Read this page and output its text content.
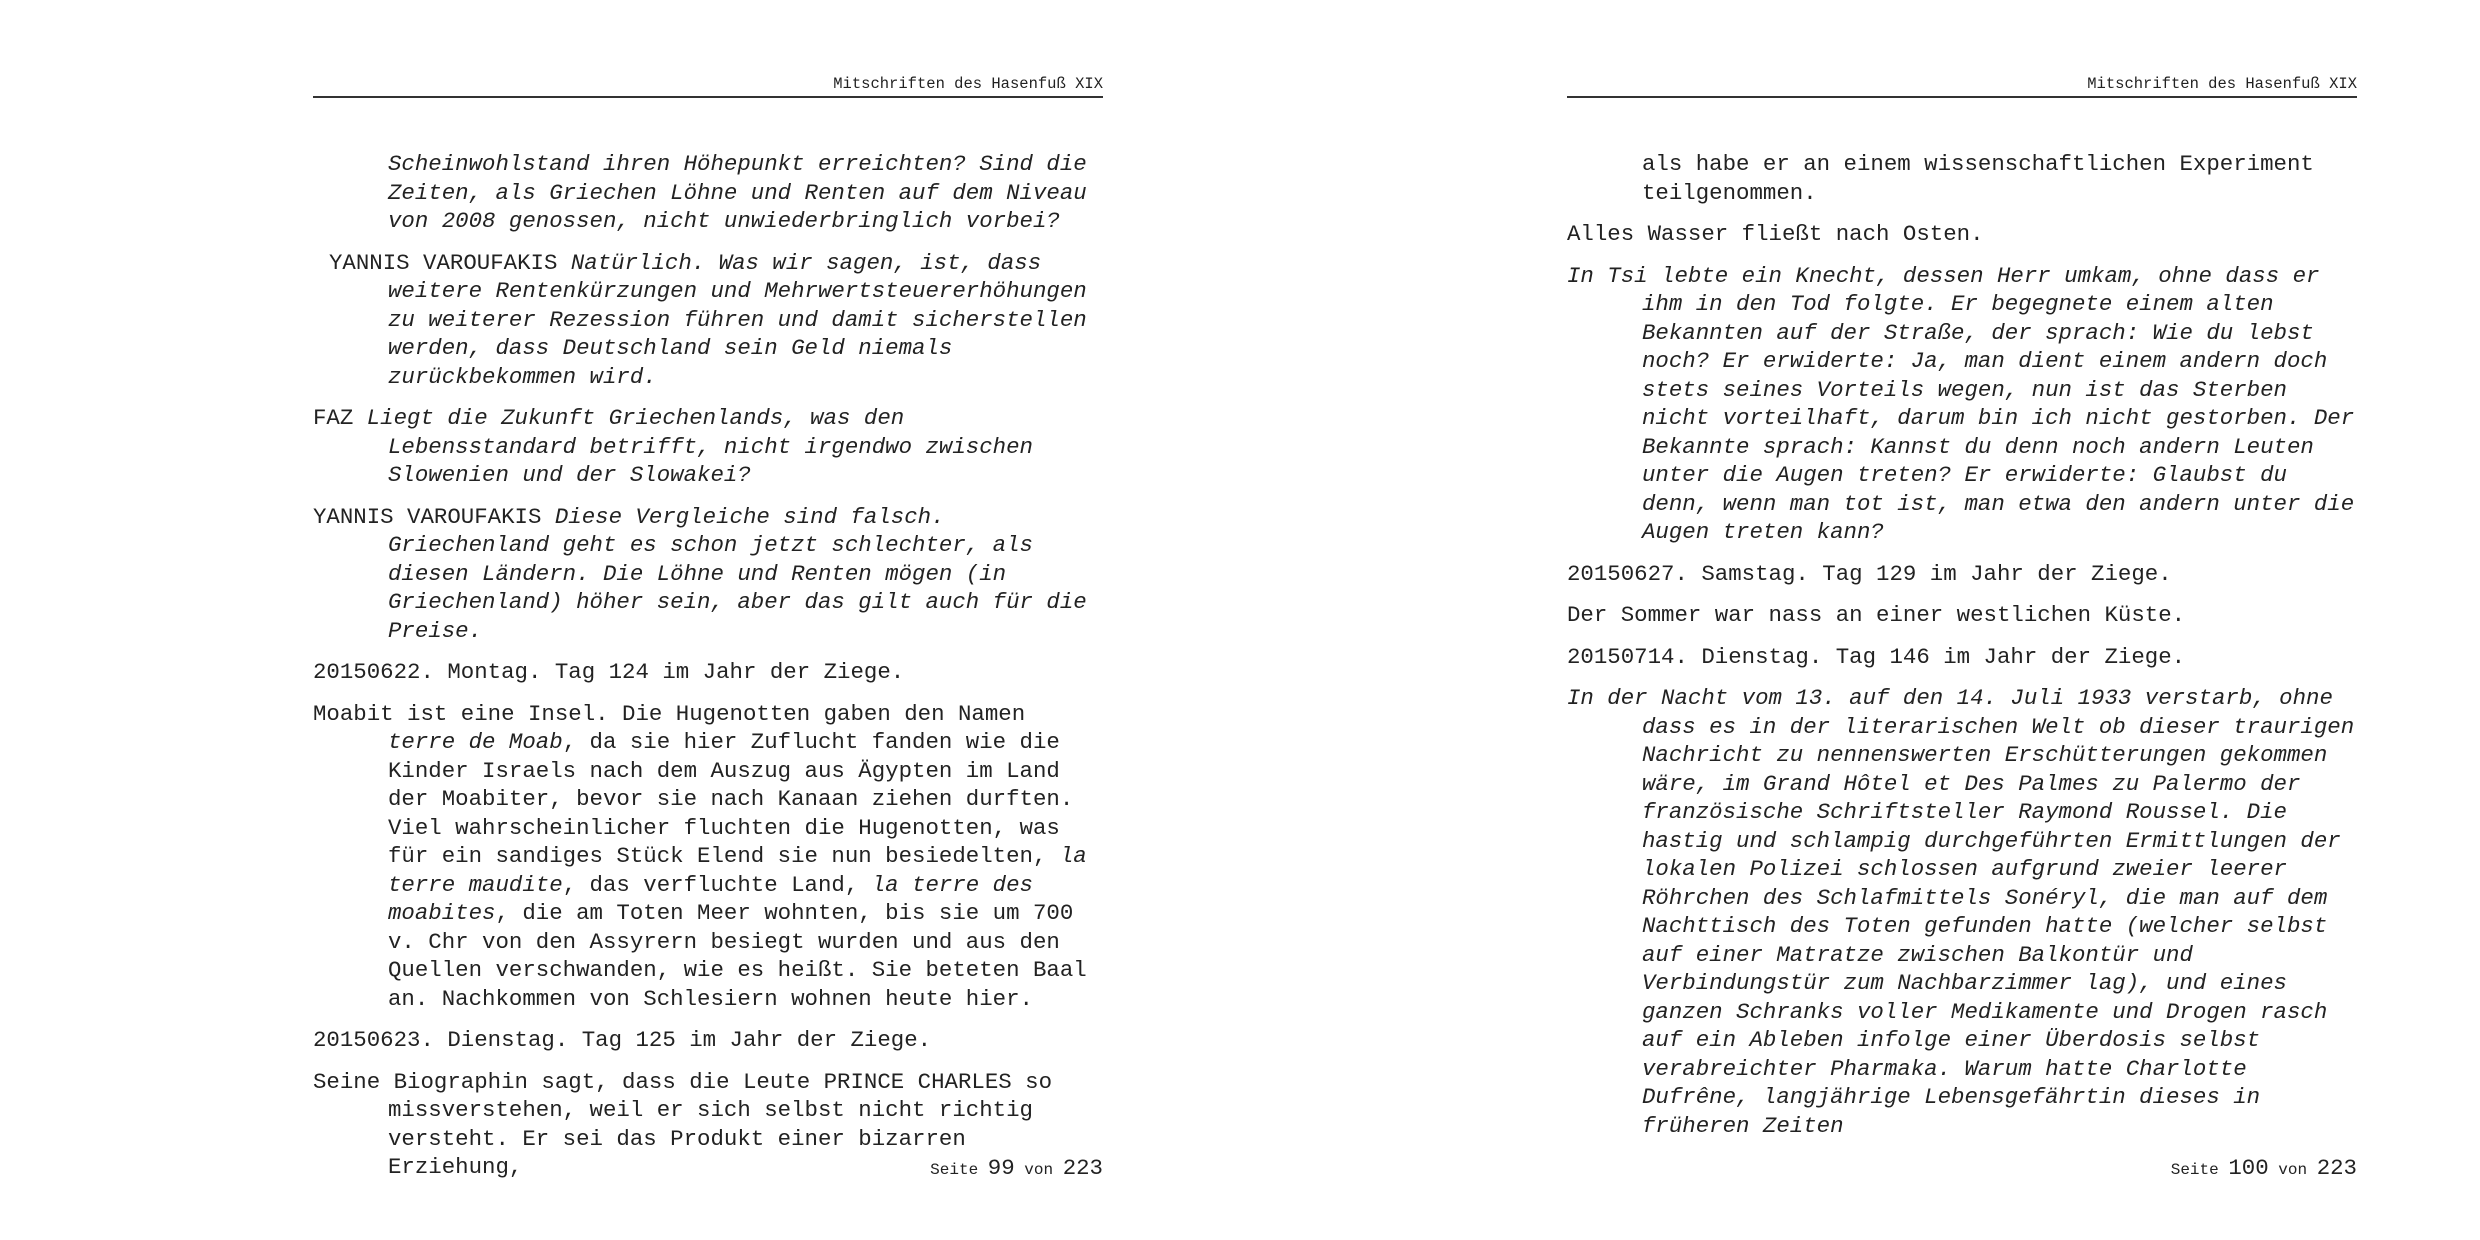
Mitschriften des Hasenfuß XIX

Scheinwohlstand ihren Höhepunkt erreichten? Sind die Zeiten, als Griechen Löhne und Renten auf dem Niveau von 2008 genossen, nicht unwiederbringlich vorbei?

YANNIS VAROUFAKIS Natürlich. Was wir sagen, ist, dass weitere Rentenkürzungen und Mehrwertsteuererhöhungen zu weiterer Rezession führen und damit sicherstellen werden, dass Deutschland sein Geld niemals zurückbekommen wird.

FAZ Liegt die Zukunft Griechenlands, was den Lebensstandard betrifft, nicht irgendwo zwischen Slowenien und der Slowakei?

YANNIS VAROUFAKIS Diese Vergleiche sind falsch. Griechenland geht es schon jetzt schlechter, als diesen Ländern. Die Löhne und Renten mögen (in Griechenland) höher sein, aber das gilt auch für die Preise.

20150622. Montag. Tag 124 im Jahr der Ziege.

Moabit ist eine Insel. Die Hugenotten gaben den Namen terre de Moab, da sie hier Zuflucht fanden wie die Kinder Israels nach dem Auszug aus Ägypten im Land der Moabiter, bevor sie nach Kanaan ziehen durften. Viel wahrscheinlicher fluchten die Hugenotten, was für ein sandiges Stück Elend sie nun besiedelten, la terre maudite, das verfluchte Land, la terre des moabites, die am Toten Meer wohnten, bis sie um 700 v. Chr von den Assyrern besiegt wurden und aus den Quellen verschwanden, wie es heißt. Sie beteten Baal an. Nachkommen von Schlesiern wohnen heute hier.

20150623. Dienstag. Tag 125 im Jahr der Ziege.

Seine Biographin sagt, dass die Leute PRINCE CHARLES so missverstehen, weil er sich selbst nicht richtig versteht. Er sei das Produkt einer bizarren Erziehung,	Seite 99 von 223
Mitschriften des Hasenfuß XIX

als habe er an einem wissenschaftlichen Experiment teilgenommen.

Alles Wasser fließt nach Osten.

In Tsi lebte ein Knecht, dessen Herr umkam, ohne dass er ihm in den Tod folgte. Er begegnete einem alten Bekannten auf der Straße, der sprach: Wie du lebst noch? Er erwiderte: Ja, man dient einem andern doch stets seines Vorteils wegen, nun ist das Sterben nicht vorteilhaft, darum bin ich nicht gestorben. Der Bekannte sprach: Kannst du denn noch andern Leuten unter die Augen treten? Er erwiderte: Glaubst du denn, wenn man tot ist, man etwa den andern unter die Augen treten kann?

20150627. Samstag. Tag 129 im Jahr der Ziege.

Der Sommer war nass an einer westlichen Küste.

20150714. Dienstag. Tag 146 im Jahr der Ziege.

In der Nacht vom 13. auf den 14. Juli 1933 verstarb, ohne dass es in der literarischen Welt ob dieser traurigen Nachricht zu nennenswerten Erschütterungen gekommen wäre, im Grand Hôtel et Des Palmes zu Palermo der französische Schriftsteller Raymond Roussel. Die hastig und schlampig durchgeführten Ermittlungen der lokalen Polizei schlossen aufgrund zweier leerer Röhrchen des Schlafmittels Sonéryl, die man auf dem Nachttisch des Toten gefunden hatte (welcher selbst auf einer Matratze zwischen Balkontür und Verbindungstür zum Nachbarzimmer lag), und eines ganzen Schranks voller Medikamente und Drogen rasch auf ein Ableben infolge einer Überdosis selbst verabreichter Pharmaka. Warum hatte Charlotte Dufrêne, langjährige Lebensgefährtin dieses in früheren Zeiten

Seite 100 von 223
